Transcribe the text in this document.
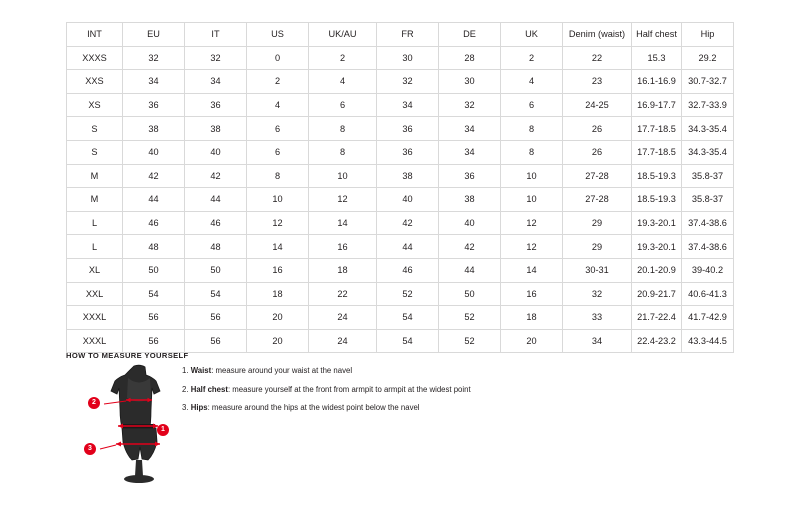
INT	EU	IT	US	UK/AU	FR	DE	UK	Denim (waist)	Half chest	Hip
XXXS	32	32	0	2	30	28	2	22	15.3	29.2
XXS	34	34	2	4	32	30	4	23	16.1-16.9	30.7-32.7
XS	36	36	4	6	34	32	6	24-25	16.9-17.7	32.7-33.9
S	38	38	6	8	36	34	8	26	17.7-18.5	34.3-35.4
S	40	40	6	8	36	34	8	26	17.7-18.5	34.3-35.4
M	42	42	8	10	38	36	10	27-28	18.5-19.3	35.8-37
M	44	44	10	12	40	38	10	27-28	18.5-19.3	35.8-37
L	46	46	12	14	42	40	12	29	19.3-20.1	37.4-38.6
L	48	48	14	16	44	42	12	29	19.3-20.1	37.4-38.6
XL	50	50	16	18	46	44	14	30-31	20.1-20.9	39-40.2
XXL	54	54	18	22	52	50	16	32	20.9-21.7	40.6-41.3
XXXL	56	56	20	24	54	52	18	33	21.7-22.4	41.7-42.9
XXXL	56	56	20	24	54	52	20	34	22.4-23.2	43.3-44.5
HOW TO MEASURE YOURSELF

1. Waist: measure around your waist at the navel

2. Half chest: measure yourself at the front from armpit to armpit at the widest point

3. Hips: measure around the hips at the widest point below the navel

1
2
3
